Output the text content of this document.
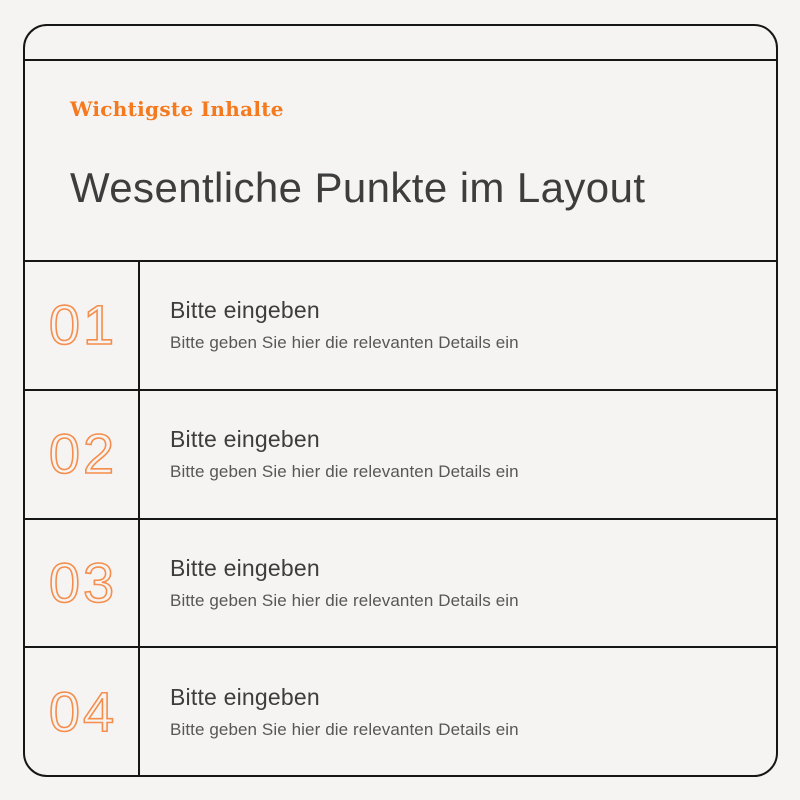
Wichtigste Inhalte
Wesentliche Punkte im Layout
01 Bitte eingeben
Bitte geben Sie hier die relevanten Details ein
02 Bitte eingeben
Bitte geben Sie hier die relevanten Details ein
03 Bitte eingeben
Bitte geben Sie hier die relevanten Details ein
04 Bitte eingeben
Bitte geben Sie hier die relevanten Details ein
